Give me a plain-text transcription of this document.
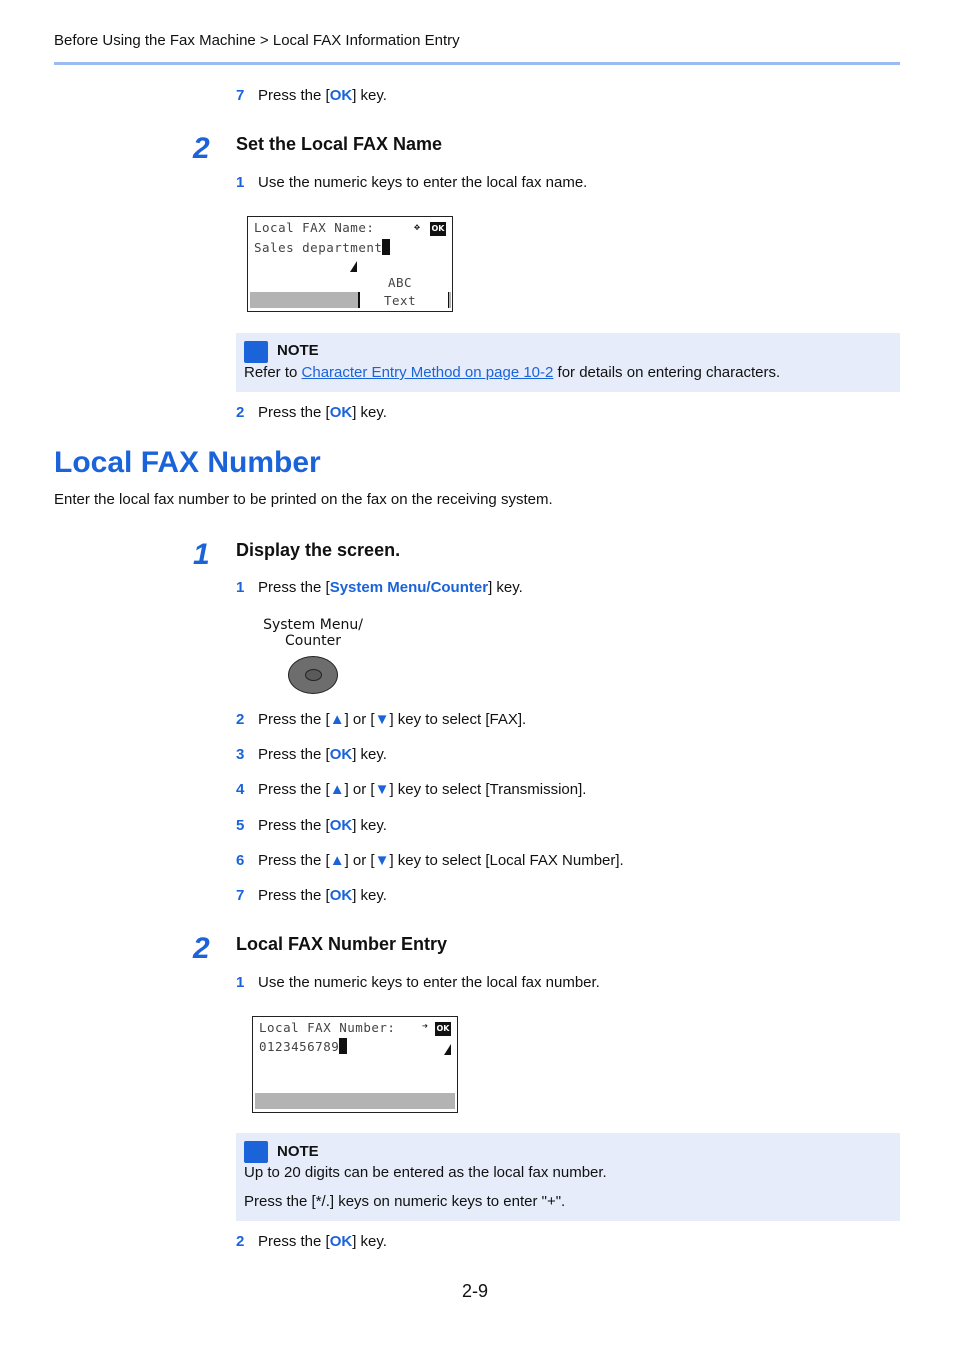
Before Using the Fax Machine > Local FAX Information Entry
7 Press the [OK] key.
2 Set the Local FAX Name
1 Use the numeric keys to enter the local fax name.
Local FAX Name:	✥ OK
Sales department
ABC
Text
NOTE
Refer to Character Entry Method on page 10-2 for details on entering characters.
2 Press the [OK] key.
Local FAX Number
Enter the local fax number to be printed on the fax on the receiving system.
1 Display the screen.
1 Press the [System Menu/Counter] key.
System Menu/
Counter
2 Press the [▲] or [▼] key to select [FAX].
3 Press the [OK] key.
4 Press the [▲] or [▼] key to select [Transmission].
5 Press the [OK] key.
6 Press the [▲] or [▼] key to select [Local FAX Number].
7 Press the [OK] key.
2 Local FAX Number Entry
1 Use the numeric keys to enter the local fax number.
Local FAX Number:	➔ OK
0123456789
NOTE
Up to 20 digits can be entered as the local fax number.
Press the [*/.] keys on numeric keys to enter "+".
2 Press the [OK] key.
2-9
